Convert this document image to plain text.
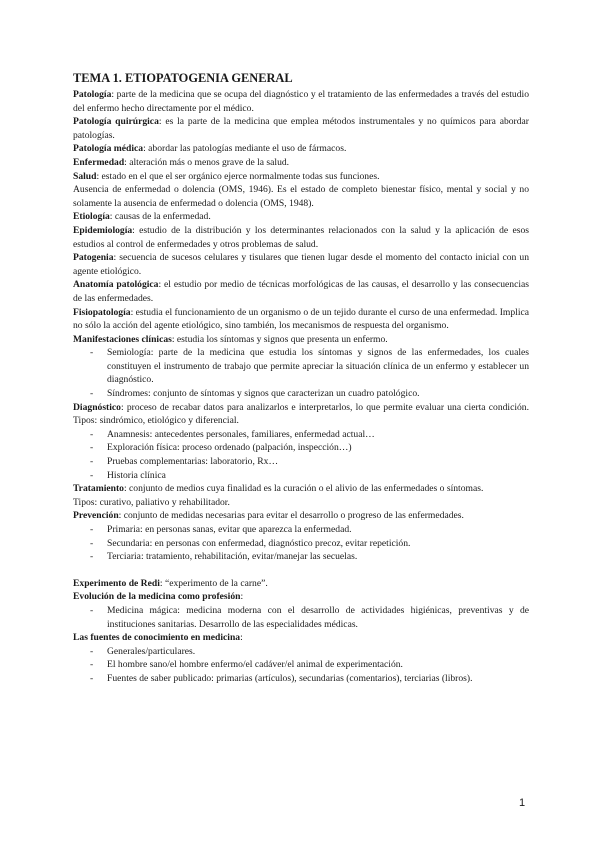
TEMA 1. ETIOPATOGENIA GENERAL

Patología: parte de la medicina que se ocupa del diagnóstico y el tratamiento de las enfermedades a través del estudio del enfermo hecho directamente por el médico.

Patología quirúrgica: es la parte de la medicina que emplea métodos instrumentales y no químicos para abordar patologías.

Patología médica: abordar las patologías mediante el uso de fármacos.

Enfermedad: alteración más o menos grave de la salud.

Salud: estado en el que el ser orgánico ejerce normalmente todas sus funciones.

Ausencia de enfermedad o dolencia (OMS, 1946). Es el estado de completo bienestar físico, mental y social y no solamente la ausencia de enfermedad o dolencia (OMS, 1948).

Etiología: causas de la enfermedad.

Epidemiología: estudio de la distribución y los determinantes relacionados con la salud y la aplicación de esos estudios al control de enfermedades y otros problemas de salud.

Patogenia: secuencia de sucesos celulares y tisulares que tienen lugar desde el momento del contacto inicial con un agente etiológico.

Anatomía patológica: el estudio por medio de técnicas morfológicas de las causas, el desarrollo y las consecuencias de las enfermedades.

Fisiopatología: estudia el funcionamiento de un organismo o de un tejido durante el curso de una enfermedad. Implica no sólo la acción del agente etiológico, sino también, los mecanismos de respuesta del organismo.

Manifestaciones clínicas: estudia los síntomas y signos que presenta un enfermo.

- Semiología: parte de la medicina que estudia los síntomas y signos de las enfermedades, los cuales constituyen el instrumento de trabajo que permite apreciar la situación clínica de un enfermo y establecer un diagnóstico.
- Síndromes: conjunto de síntomas y signos que caracterizan un cuadro patológico.

Diagnóstico: proceso de recabar datos para analizarlos e interpretarlos, lo que permite evaluar una cierta condición. Tipos: sindrómico, etiológico y diferencial.

- Anamnesis: antecedentes personales, familiares, enfermedad actual…
- Exploración física: proceso ordenado (palpación, inspección…)
- Pruebas complementarias: laboratorio, Rx…
- Historia clínica

Tratamiento: conjunto de medios cuya finalidad es la curación o el alivio de las enfermedades o síntomas.

Tipos: curativo, paliativo y rehabilitador.

Prevención: conjunto de medidas necesarias para evitar el desarrollo o progreso de las enfermedades.

- Primaria: en personas sanas, evitar que aparezca la enfermedad.
- Secundaria: en personas con enfermedad, diagnóstico precoz, evitar repetición.
- Terciaria: tratamiento, rehabilitación, evitar/manejar las secuelas.

Experimento de Redi: “experimento de la carne”.

Evolución de la medicina como profesión:

- Medicina mágica: medicina moderna con el desarrollo de actividades higiénicas, preventivas y de instituciones sanitarias. Desarrollo de las especialidades médicas.

Las fuentes de conocimiento en medicina:

- Generales/particulares.
- El hombre sano/el hombre enfermo/el cadáver/el animal de experimentación.
- Fuentes de saber publicado: primarias (artículos), secundarias (comentarios), terciarias (libros).
1
